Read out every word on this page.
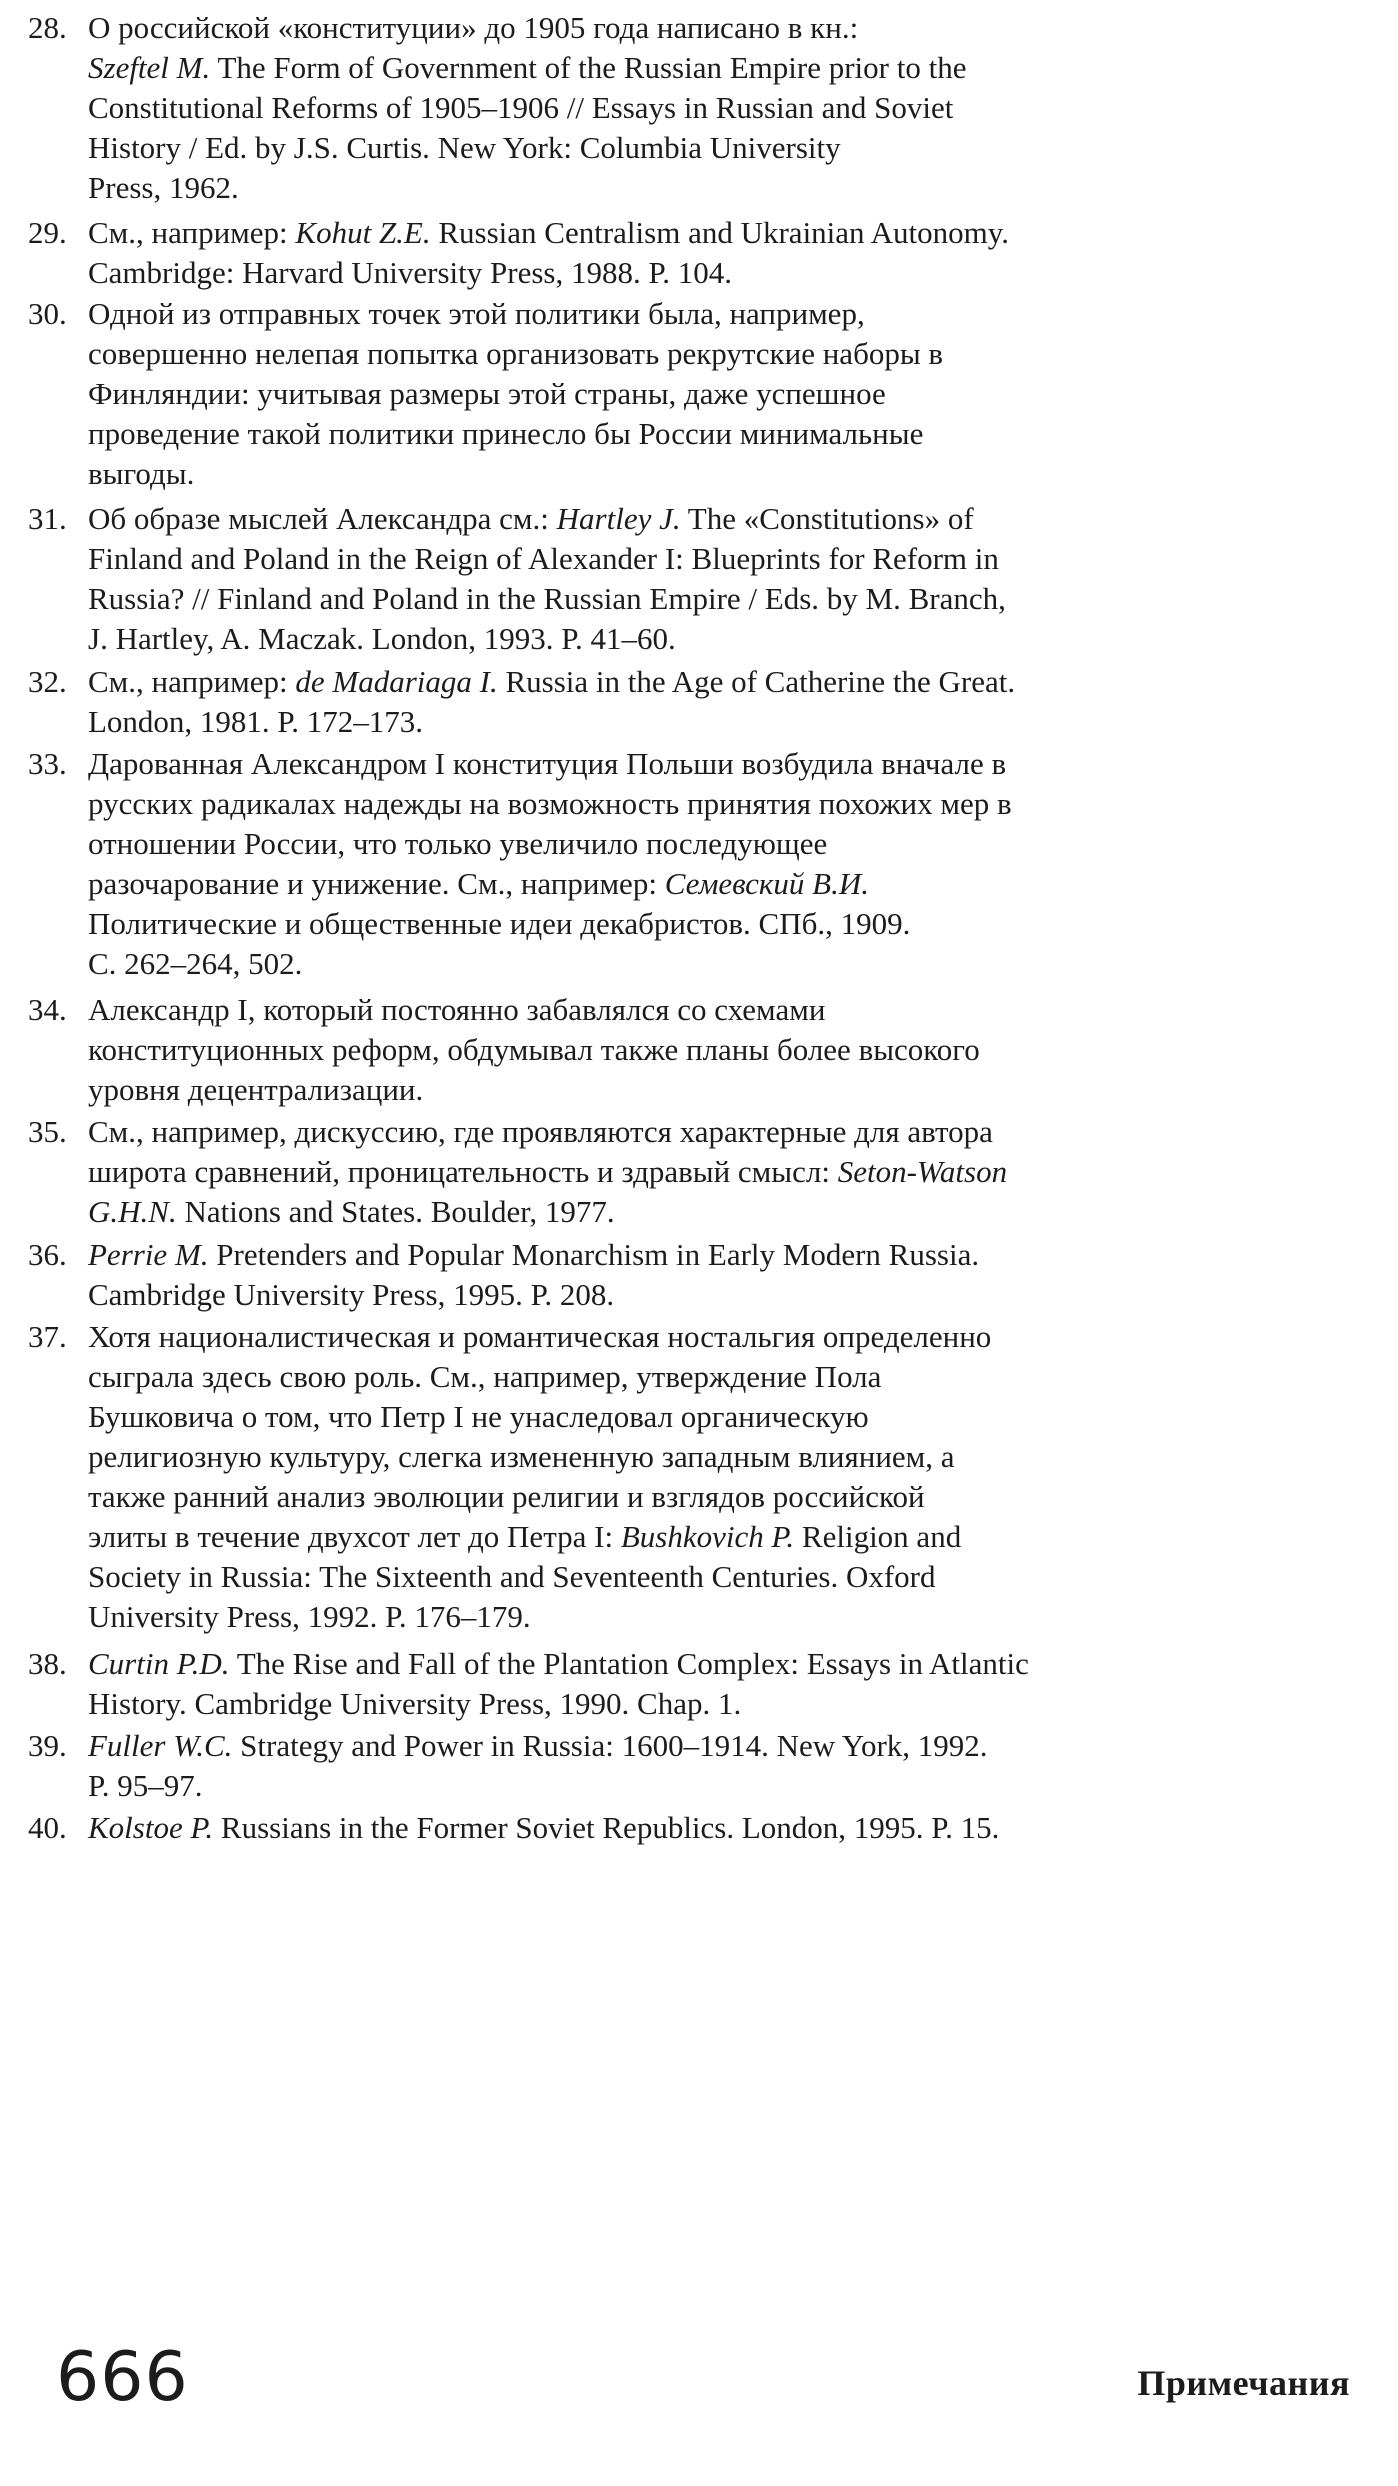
28. О российской «конституции» до 1905 года написано в кн.:
Szeftel M. The Form of Government of the Russian Empire prior to the
Constitutional Reforms of 1905–1906 // Essays in Russian and Soviet
History / Ed. by J.S. Curtis. New York: Columbia University
Press, 1962.
29. См., например: Kohut Z.E. Russian Centralism and Ukrainian Autonomy.
Cambridge: Harvard University Press, 1988. P. 104.
30. Одной из отправных точек этой политики была, например,
совершенно нелепая попытка организовать рекрутские наборы в
Финляндии: учитывая размеры этой страны, даже успешное
проведение такой политики принесло бы России минимальные
выгоды.
31. Об образе мыслей Александра см.: Hartley J. The «Constitutions» of
Finland and Poland in the Reign of Alexander I: Blueprints for Reform in
Russia? // Finland and Poland in the Russian Empire / Eds. by M. Branch,
J. Hartley, A. Maczak. London, 1993. P. 41–60.
32. См., например: de Madariaga I. Russia in the Age of Catherine the Great.
London, 1981. P. 172–173.
33. Дарованная Александром I конституция Польши возбудила вначале в
русских радикалах надежды на возможность принятия похожих мер в
отношении России, что только увеличило последующее
разочарование и унижение. См., например: Семевский В.И.
Политические и общественные идеи декабристов. СПб., 1909.
С. 262–264, 502.
34. Александр I, который постоянно забавлялся со схемами
конституционных реформ, обдумывал также планы более высокого
уровня децентрализации.
35. См., например, дискуссию, где проявляются характерные для автора
широта сравнений, проницательность и здравый смысл: Seton-Watson
G.H.N. Nations and States. Boulder, 1977.
36. Perrie M. Pretenders and Popular Monarchism in Early Modern Russia.
Cambridge University Press, 1995. P. 208.
37. Хотя националистическая и романтическая ностальгия определенно
сыграла здесь свою роль. См., например, утверждение Пола
Бушковича о том, что Петр I не унаследовал органическую
религиозную культуру, слегка измененную западным влиянием, а
также ранний анализ эволюции религии и взглядов российской
элиты в течение двухсот лет до Петра I: Bushkovich P. Religion and
Society in Russia: The Sixteenth and Seventeenth Centuries. Oxford
University Press, 1992. P. 176–179.
38. Curtin P.D. The Rise and Fall of the Plantation Complex: Essays in Atlantic
History. Cambridge University Press, 1990. Chap. 1.
39. Fuller W.C. Strategy and Power in Russia: 1600–1914. New York, 1992.
P. 95–97.
40. Kolstoe P. Russians in the Former Soviet Republics. London, 1995. P. 15.
666	Примечания
